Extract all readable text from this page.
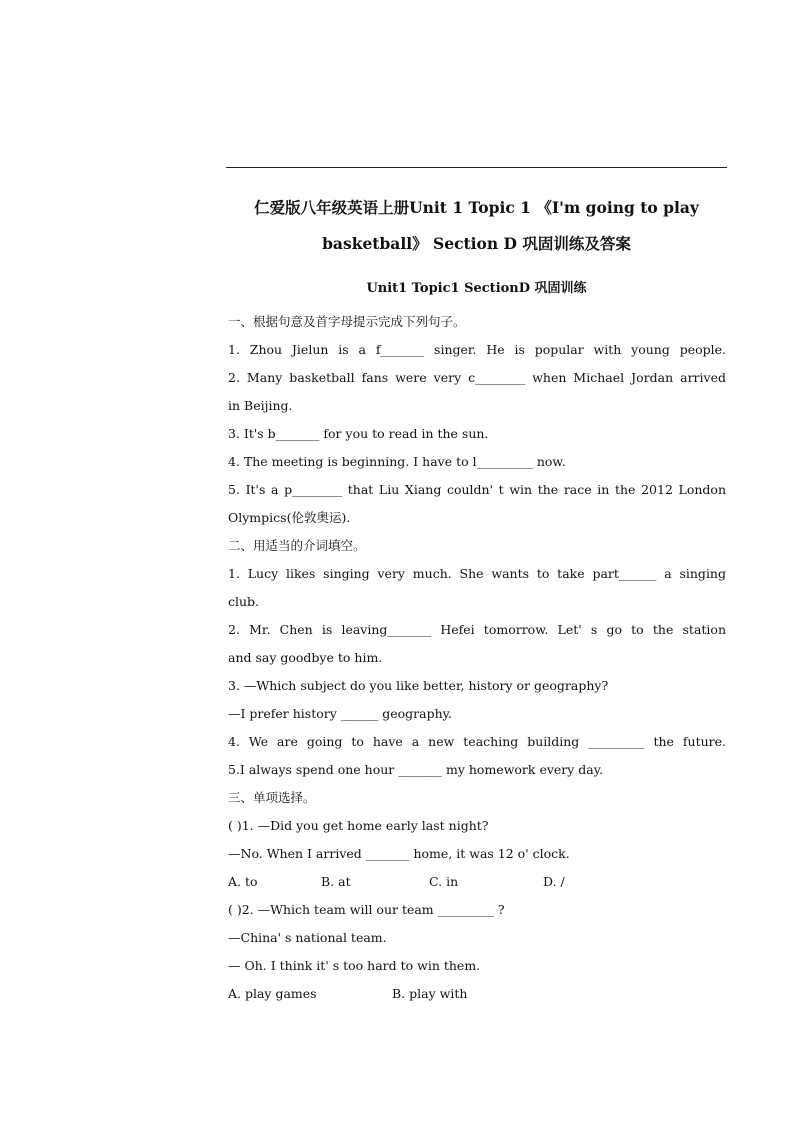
仁爱版八年级英语上册Unit 1 Topic 1 《I'm going to play
basketball》 Section D 巩固训练及答案
Unit1 Topic1 SectionD 巩固训练
一、根据句意及首字母提示完成下列句子。
1. Zhou Jielun is a f_______ singer. He is popular with young people.
2. Many basketball fans were very c________ when Michael Jordan arrived
in Beijing.
3. It's b_______ for you to read in the sun.
4. The meeting is beginning. I have to l_________ now.
5. It's a p________ that Liu Xiang couldn' t win the race in the 2012 London
Olympics(伦敦奥运).
二、用适当的介词填空。
1. Lucy likes singing very much. She wants to take part______ a singing
club.
2. Mr. Chen is leaving_______ Hefei tomorrow. Let' s go to the station
and say goodbye to him.
3. —Which subject do you like better, history or geography?
—I prefer history ______ geography.
4. We are going to have a new teaching building _________ the future.
5.I always spend one hour _______ my homework every day.
三、单项选择。
( )1. —Did you get home early last night?
—No. When I arrived _______ home, it was 12 o' clock.
A. to	B. at	C. in	D. /
( )2. —Which team will our team _________ ?
—China' s national team.
— Oh. I think it' s too hard to win them.
A. play games	B. play with
